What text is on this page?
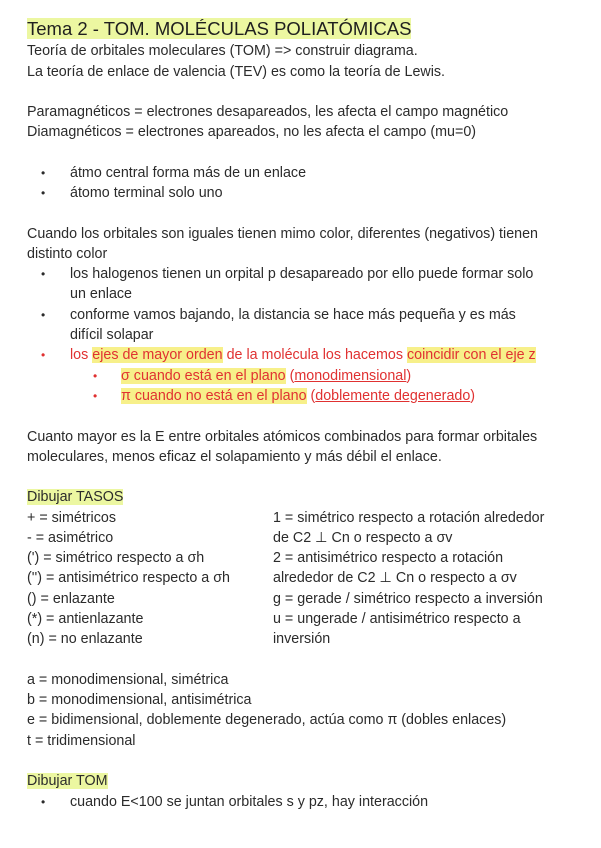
Tema 2 - TOM. MOLÉCULAS POLIATÓMICAS
Teoría de orbitales moleculares (TOM) => construir diagrama.
La teoría de enlace de valencia (TEV) es como la teoría de Lewis.
Paramagnéticos = electrones desapareados, les afecta el campo magnético
Diamagnéticos = electrones apareados, no les afecta el campo (mu=0)
• átmo central forma más de un enlace
• átomo terminal solo uno
Cuando los orbitales son iguales tienen mimo color, diferentes (negativos) tienen
distinto color
• los halogenos tienen un orpital p desapareado por ello puede formar solo
un enlace
• conforme vamos bajando, la distancia se hace más pequeña y es más
difícil solapar
• los ejes de mayor orden de la molécula los hacemos coincidir con el eje z
• σ cuando está en el plano (monodimensional)
• π cuando no está en el plano (doblemente degenerado)
Cuanto mayor es la E entre orbitales atómicos combinados para formar orbitales
moleculares, menos eficaz el solapamiento y más débil el enlace.
Dibujar TASOS
+ = simétricos
- = asimétrico
(') = simétrico respecto a σh
('') = antisimétrico respecto a σh
() = enlazante
(*) = antienlazante
(n) = no enlazante
1 = simétrico respecto a rotación alrededor
de C2 ⊥ Cn o respecto a σv
2 = antisimétrico respecto a rotación
alrededor de C2 ⊥ Cn o respecto a σv
g = gerade / simétrico respecto a inversión
u = ungerade / antisimétrico respecto a
inversión
a = monodimensional, simétrica
b = monodimensional, antisimétrica
e = bidimensional, doblemente degenerado, actúa como π (dobles enlaces)
t = tridimensional
Dibujar TOM
• cuando E<100 se juntan orbitales s y pz, hay interacción
